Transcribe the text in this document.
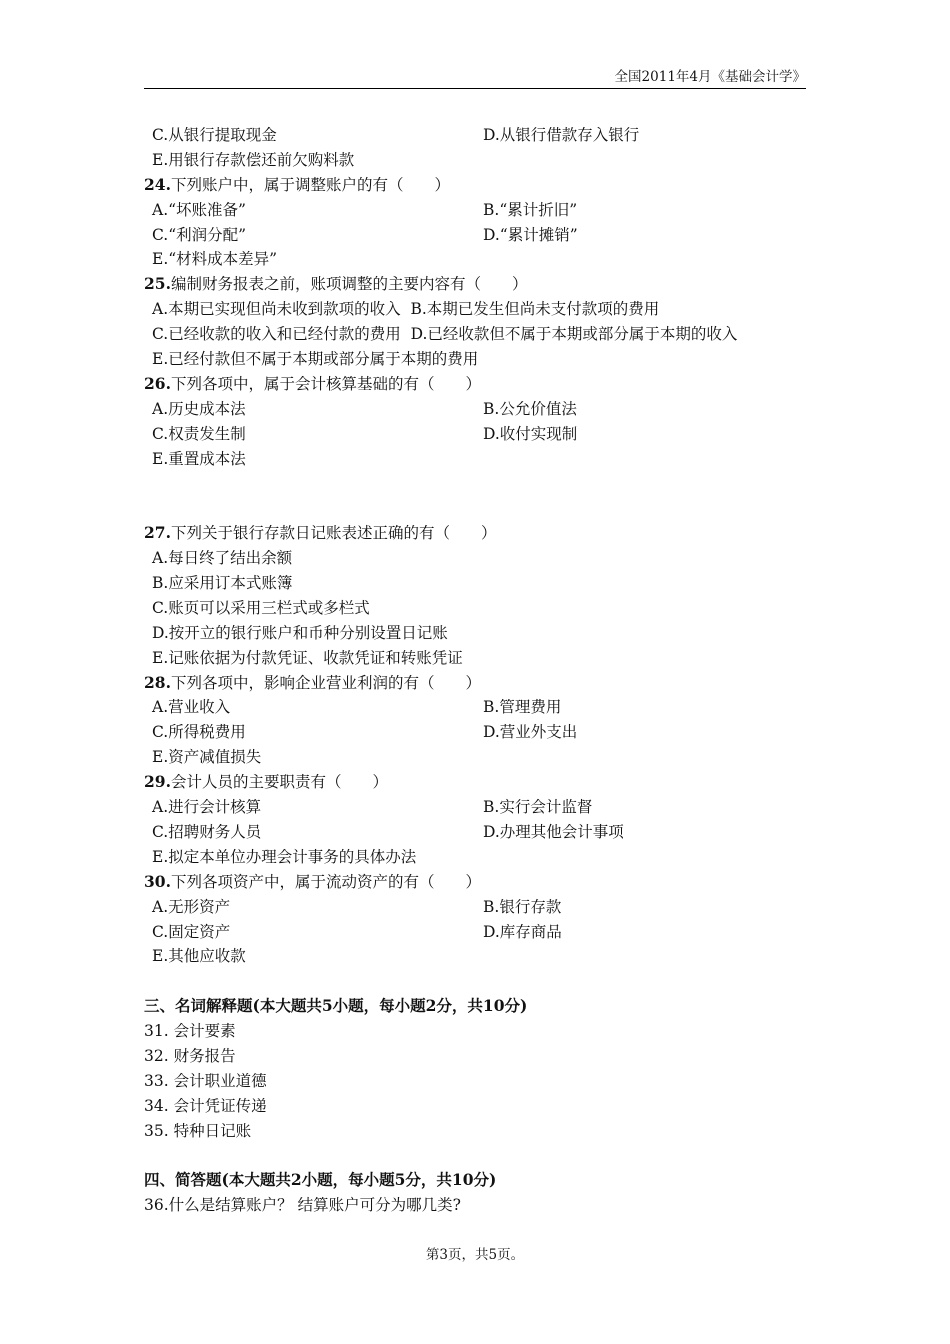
全国2011年4月《基础会计学》
C.从银行提取现金	D.从银行借款存入银行
E.用银行存款偿还前欠购料款
24.下列账户中，属于调整账户的有（　　）
A.“坏账准备”	B.“累计折旧”
C.“利润分配”	D.“累计摊销”
E.“材料成本差异”
25.编制财务报表之前，账项调整的主要内容有（　　）
A.本期已实现但尚未收到款项的收入 B.本期已发生但尚未支付款项的费用
C.已经收款的收入和已经付款的费用 D.已经收款但不属于本期或部分属于本期的收入
E.已经付款但不属于本期或部分属于本期的费用
26.下列各项中，属于会计核算基础的有（　　）
A.历史成本法	B.公允价值法
C.权责发生制	D.收付实现制
E.重置成本法
27.下列关于银行存款日记账表述正确的有（　　）
A.每日终了结出余额
B.应采用订本式账簿
C.账页可以采用三栏式或多栏式
D.按开立的银行账户和币种分别设置日记账
E.记账依据为付款凭证、收款凭证和转账凭证
28.下列各项中，影响企业营业利润的有（　　）
A.营业收入	B.管理费用
C.所得税费用	D.营业外支出
E.资产减值损失
29.会计人员的主要职责有（　　）
A.进行会计核算	B.实行会计监督
C.招聘财务人员	D.办理其他会计事项
E.拟定本单位办理会计事务的具体办法
30.下列各项资产中，属于流动资产的有（　　）
A.无形资产	B.银行存款
C.固定资产	D.库存商品
E.其他应收款
三、名词解释题(本大题共5小题，每小题2分，共10分)
31. 会计要素
32. 财务报告
33. 会计职业道德
34. 会计凭证传递
35. 特种日记账
四、简答题(本大题共2小题，每小题5分，共10分)
36.什么是结算账户？ 结算账户可分为哪几类?
第3页，共5页。
